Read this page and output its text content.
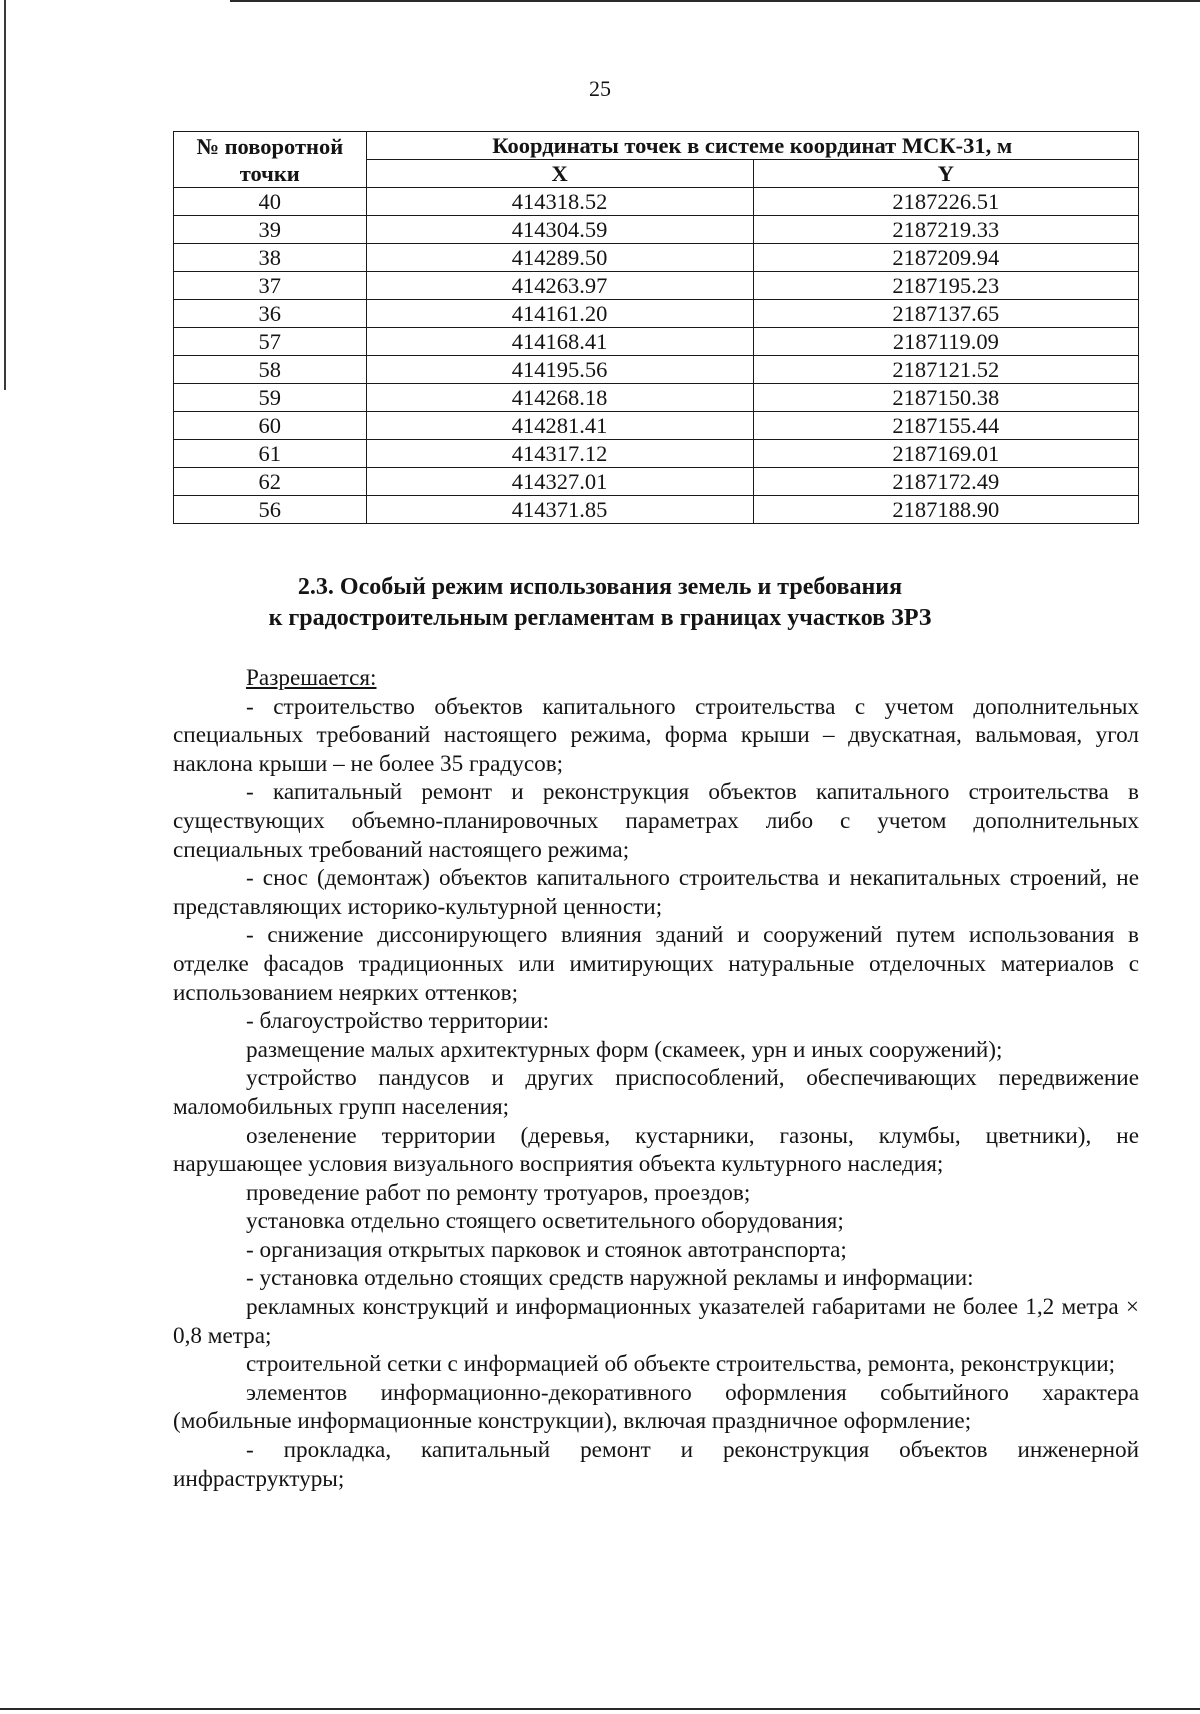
25
№ поворотной точки	Координаты точек в системе координат МСК-31, м	
	X	Y
40	414318.52	2187226.51
39	414304.59	2187219.33
38	414289.50	2187209.94
37	414263.97	2187195.23
36	414161.20	2187137.65
57	414168.41	2187119.09
58	414195.56	2187121.52
59	414268.18	2187150.38
60	414281.41	2187155.44
61	414317.12	2187169.01
62	414327.01	2187172.49
56	414371.85	2187188.90
2.3. Особый режим использования земель и требования
к градостроительным регламентам в границах участков ЗРЗ

Разрешается:

- строительство объектов капитального строительства с учетом дополнительных специальных требований настоящего режима, форма крыши – двускатная, вальмовая, угол наклона крыши – не более 35 градусов;

- капитальный ремонт и реконструкция объектов капитального строительства в существующих объемно-планировочных параметрах либо с учетом дополнительных специальных требований настоящего режима;

- снос (демонтаж) объектов капитального строительства и некапитальных строений, не представляющих историко-культурной ценности;

- снижение диссонирующего влияния зданий и сооружений путем использования в отделке фасадов традиционных или имитирующих натуральные отделочных материалов с использованием неярких оттенков;

- благоустройство территории:

размещение малых архитектурных форм (скамеек, урн и иных сооружений);

устройство пандусов и других приспособлений, обеспечивающих передвижение маломобильных групп населения;

озеленение территории (деревья, кустарники, газоны, клумбы, цветники), не нарушающее условия визуального восприятия объекта культурного наследия;

проведение работ по ремонту тротуаров, проездов;

установка отдельно стоящего осветительного оборудования;

- организация открытых парковок и стоянок автотранспорта;

- установка отдельно стоящих средств наружной рекламы и информации:

рекламных конструкций и информационных указателей габаритами не более 1,2 метра × 0,8 метра;

строительной сетки с информацией об объекте строительства, ремонта, реконструкции;

элементов информационно-декоративного оформления событийного характера (мобильные информационные конструкции), включая праздничное оформление;

- прокладка, капитальный ремонт и реконструкция объектов инженерной инфраструктуры;
